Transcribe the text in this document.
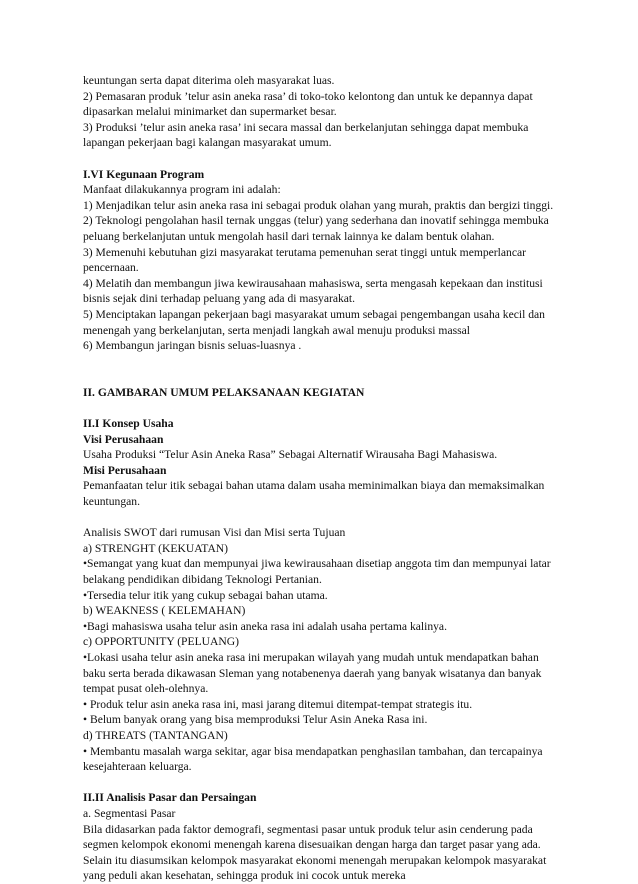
keuntungan serta dapat diterima oleh masyarakat luas.
2) Pemasaran produk ’telur asin aneka rasa’ di toko-toko kelontong dan untuk ke depannya dapat
dipasarkan melalui minimarket dan supermarket besar.
3) Produksi ’telur asin aneka rasa’ ini secara massal dan berkelanjutan sehingga dapat membuka
lapangan pekerjaan bagi kalangan masyarakat umum.
I.VI Kegunaan Program
Manfaat dilakukannya program ini adalah:
1) Menjadikan telur asin aneka rasa ini sebagai produk olahan yang murah, praktis dan bergizi tinggi.
2) Teknologi pengolahan hasil ternak unggas (telur) yang sederhana dan inovatif sehingga membuka
peluang berkelanjutan untuk mengolah hasil dari ternak lainnya ke dalam bentuk olahan.
3) Memenuhi kebutuhan gizi masyarakat terutama pemenuhan serat tinggi untuk memperlancar
pencernaan.
4) Melatih dan membangun jiwa kewirausahaan mahasiswa, serta mengasah kepekaan dan institusi
bisnis sejak dini terhadap peluang yang ada di masyarakat.
5) Menciptakan lapangan pekerjaan bagi masyarakat umum sebagai pengembangan usaha kecil dan
menengah yang berkelanjutan, serta menjadi langkah awal menuju produksi massal
6) Membangun jaringan bisnis seluas-luasnya .
II. GAMBARAN UMUM PELAKSANAAN KEGIATAN
II.I Konsep Usaha
Visi Perusahaan
Usaha Produksi “Telur Asin Aneka Rasa” Sebagai Alternatif Wirausaha Bagi Mahasiswa.
Misi Perusahaan
Pemanfaatan telur itik sebagai bahan utama dalam usaha meminimalkan biaya dan memaksimalkan
keuntungan.
Analisis SWOT dari rumusan Visi dan Misi serta Tujuan
a) STRENGHT (KEKUATAN)
•Semangat yang kuat dan mempunyai jiwa kewirausahaan disetiap anggota tim dan mempunyai latar
belakang pendidikan dibidang Teknologi Pertanian.
•Tersedia telur itik yang cukup sebagai bahan utama.
b) WEAKNESS ( KELEMAHAN)
•Bagi mahasiswa usaha telur asin aneka rasa ini adalah usaha pertama kalinya.
c) OPPORTUNITY (PELUANG)
•Lokasi usaha telur asin aneka rasa ini merupakan wilayah yang mudah untuk mendapatkan bahan
baku serta berada dikawasan Sleman yang notabenenya daerah yang banyak wisatanya dan banyak
tempat pusat oleh-olehnya.
• Produk telur asin aneka rasa ini, masi jarang ditemui ditempat-tempat strategis itu.
• Belum banyak orang yang bisa memproduksi Telur Asin Aneka Rasa ini.
d) THREATS (TANTANGAN)
• Membantu masalah warga sekitar, agar bisa mendapatkan penghasilan tambahan, dan tercapainya
kesejahteraan keluarga.
II.II Analisis Pasar dan Persaingan
a. Segmentasi Pasar
Bila didasarkan pada faktor demografi, segmentasi pasar untuk produk telur asin cenderung pada
segmen kelompok ekonomi menengah karena disesuaikan dengan harga dan target pasar yang ada.
Selain itu diasumsikan kelompok masyarakat ekonomi menengah merupakan kelompok masyarakat
yang peduli akan kesehatan, sehingga produk ini cocok untuk mereka
